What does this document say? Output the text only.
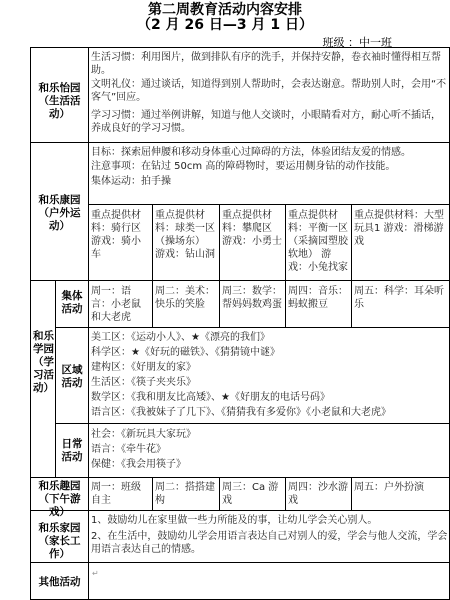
第二周教育活动内容安排
（2 月 26 日—3 月 1 日）
班级 ：中一班
和乐怡园（生活活动）
生活习惯：利用图片，做到排队有序的洗手，并保持安静，卷衣袖时懂得相互帮助。
文明礼仪：通过谈话，知道得到别人帮助时，会表达谢意。帮助别人时，会用“不客气”回应。
学习习惯：通过举例讲解，知道与他人交谈时，小眼睛看对方，耐心听不插话，养成良好的学习习惯。
和乐康园（户外运动）
目标：探索屈伸腰和移动身体重心过障碍的方法，体验团结友爱的情感。
注意事项：在钻过 50cm 高的障碍物时，要运用侧身钻的动作技能。
集体运动：拍手操
重点提供材料：骑行区 游戏：骑小车
重点提供材料：球类一区（操场东） 游戏：钻山洞
重点提供材料：攀爬区 游戏：小勇士
重点提供材料：平衡一区（采摘园塑胶软地） 游戏：小兔找家
重点提供材料：大型玩具1 游戏：滑梯游戏
和乐学园（学习活动）
集体活动
周一：语言：小老鼠和大老虎
周二：美术：快乐的笑脸
周三：数学：帮妈妈数鸡蛋
周四：音乐：蚂蚁搬豆
周五：科学：耳朵听乐
区域活动
美工区：《运动小人》、★《漂亮的我们》
科学区：★《好玩的磁铁》、《猜猜镜中谜》
建构区：《好朋友的家》
生活区：《筷子夹夹乐》
数学区：《我和朋友比高矮》、★《好朋友的电话号码》
语言区：《我被妹子了几下》、《猜猜我有多爱你》《小老鼠和大老虎》
日常活动
社会：《新玩具大家玩》
语言：《牵牛花》
保健：《我会用筷子》
和乐趣园（下午游戏）
周一：班级自主
周二：搭搭建构
周三：Ca 游戏
周四：沙水游戏
周五：户外扮演
和乐家园（家长工作）
1、鼓励幼儿在家里做一些力所能及的事，让幼儿学会关心别人。
2、在生活中，鼓励幼儿学会用语言表达自己对别人的爱，学会与他人交流，学会用语言表达自己的情感。
其他活动
↵
